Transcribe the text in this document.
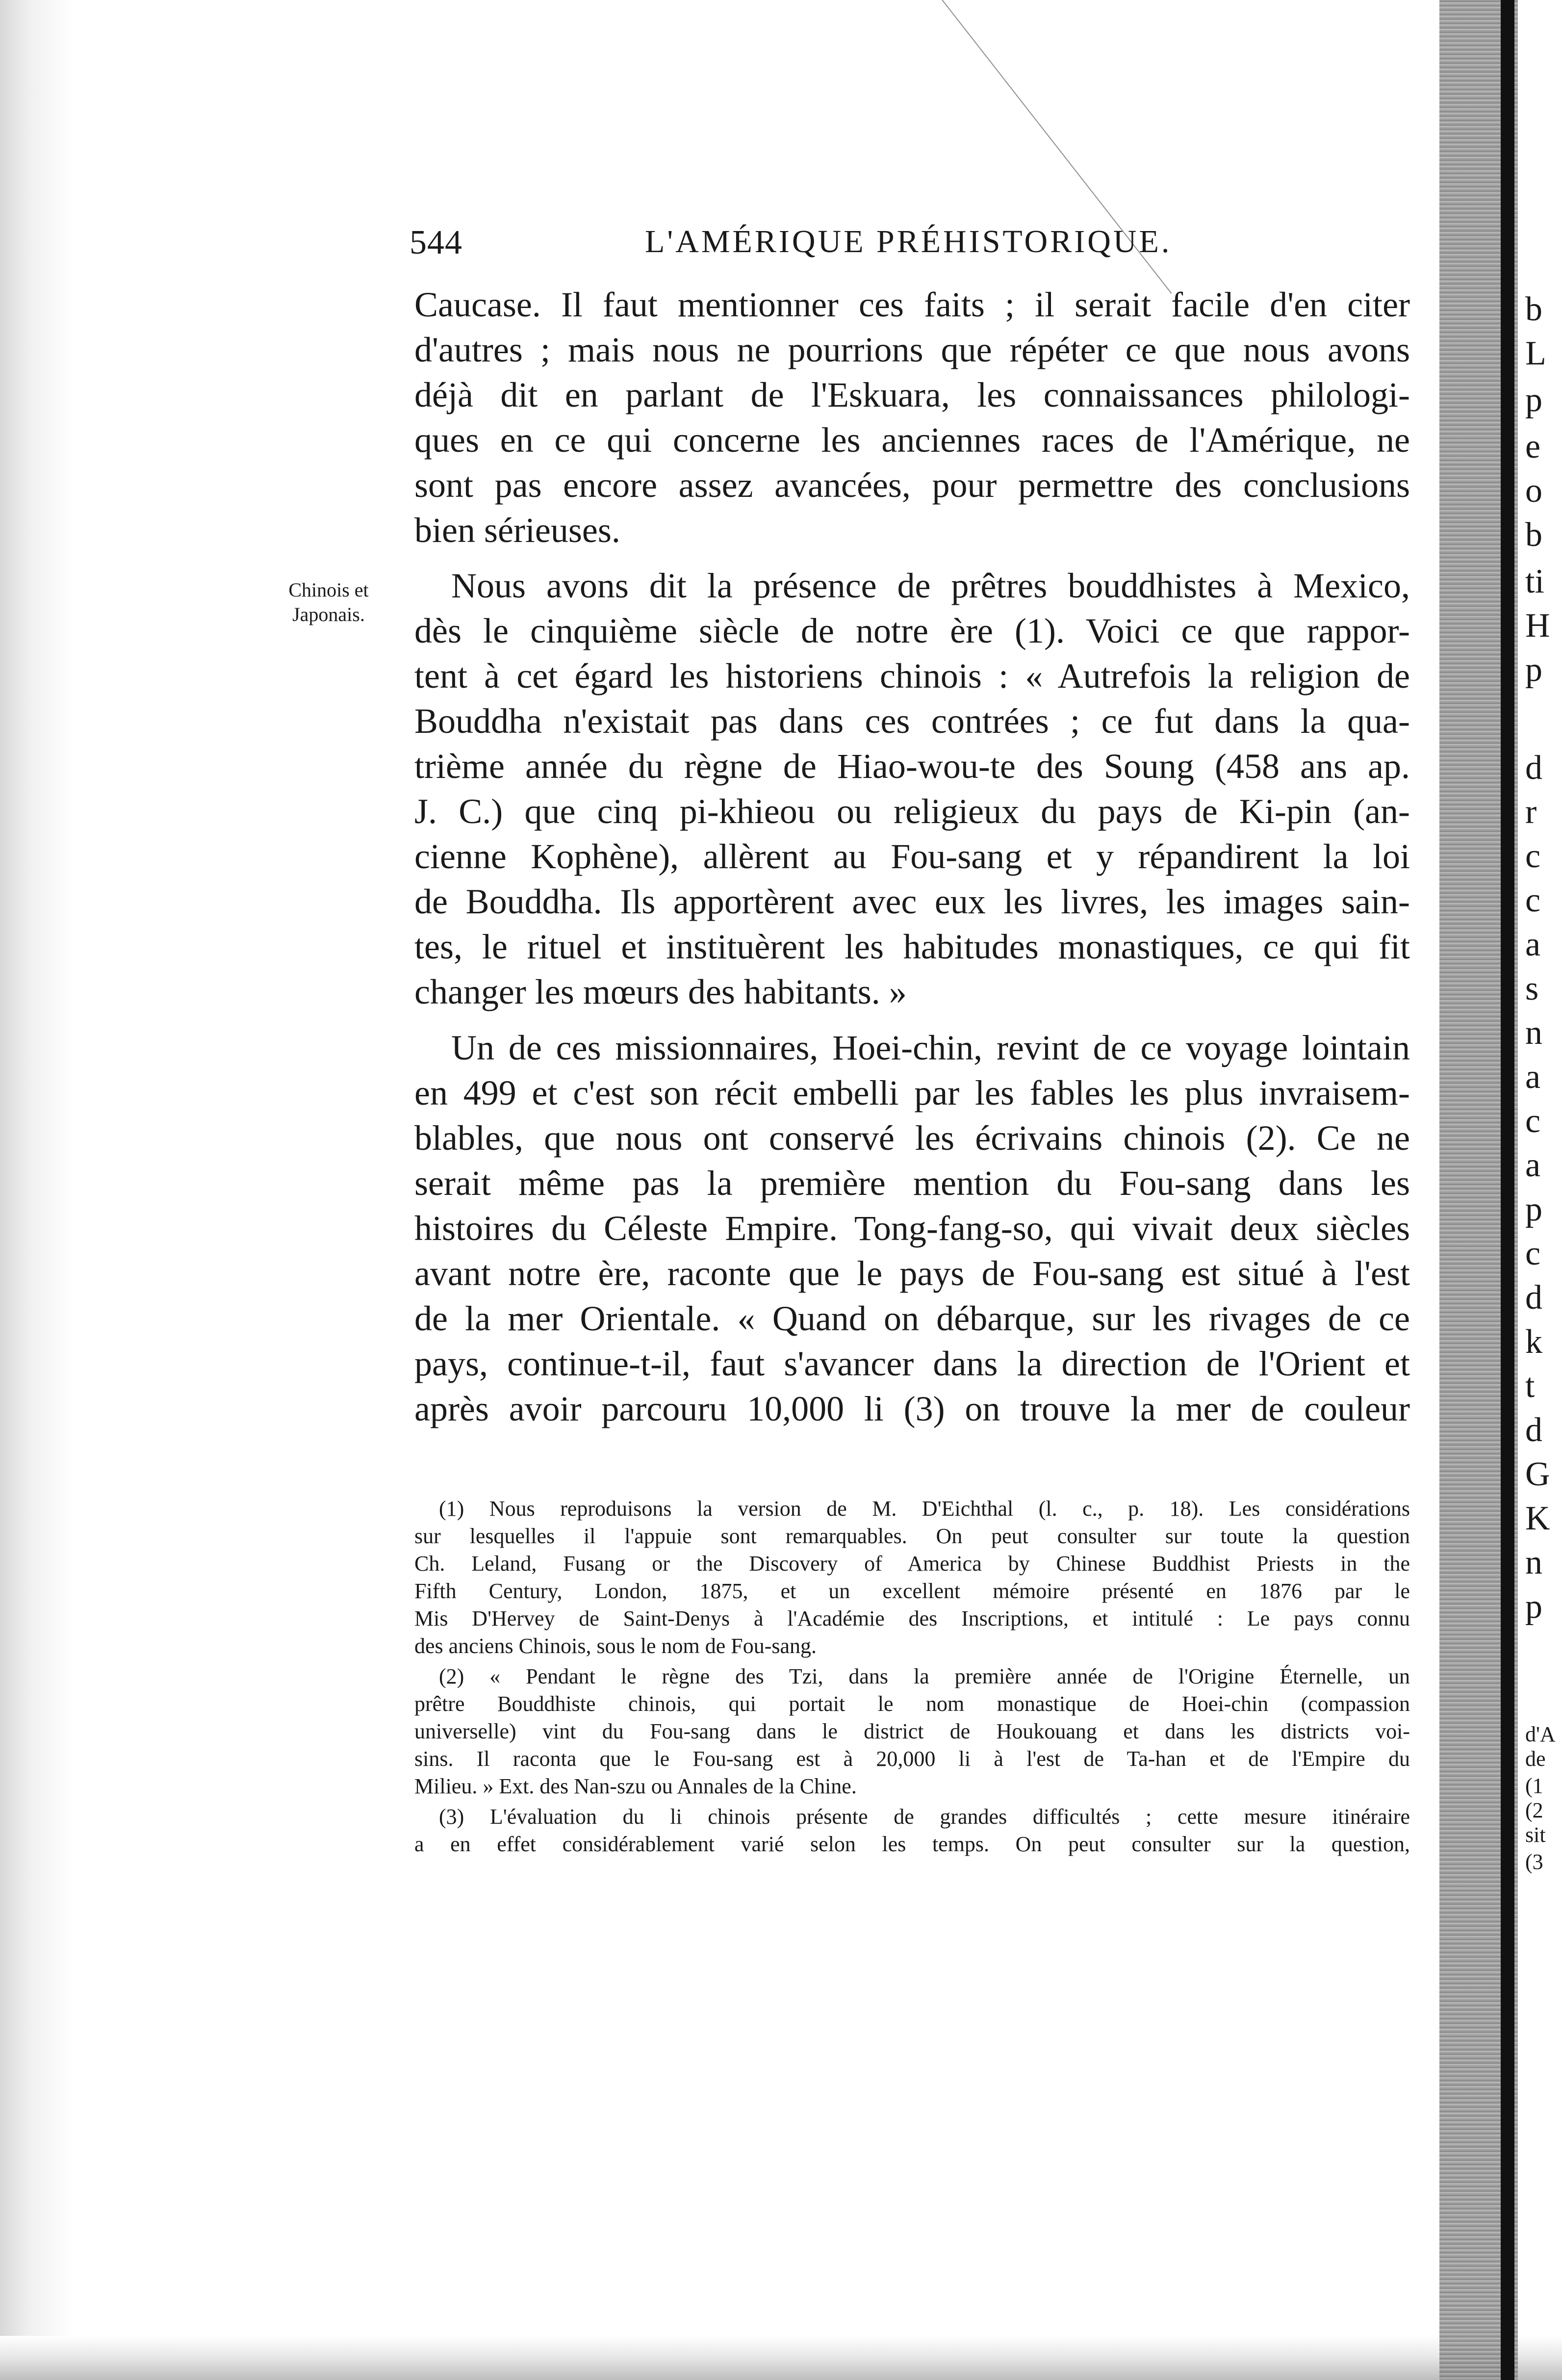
544	L'AMÉRIQUE PRÉHISTORIQUE.

Chinois et Japonais.

Caucase. Il faut mentionner ces faits ; il serait facile d'en citer

d'autres ; mais nous ne pourrions que répéter ce que nous avons

déjà dit en parlant de l'Eskuara, les connaissances philologi-

ques en ce qui concerne les anciennes races de l'Amérique, ne

sont pas encore assez avancées, pour permettre des conclusions

bien sérieuses.

Nous avons dit la présence de prêtres bouddhistes à Mexico,

dès le cinquième siècle de notre ère (1). Voici ce que rappor-

tent à cet égard les historiens chinois : « Autrefois la religion de

Bouddha n'existait pas dans ces contrées ; ce fut dans la qua-

trième année du règne de Hiao-wou-te des Soung (458 ans ap.

J. C.) que cinq pi-khieou ou religieux du pays de Ki-pin (an-

cienne Kophène), allèrent au Fou-sang et y répandirent la loi

de Bouddha. Ils apportèrent avec eux les livres, les images sain-

tes, le rituel et instituèrent les habitudes monastiques, ce qui fit

changer les mœurs des habitants. »

Un de ces missionnaires, Hoei-chin, revint de ce voyage lointain

en 499 et c'est son récit embelli par les fables les plus invraisem-

blables, que nous ont conservé les écrivains chinois (2). Ce ne

serait même pas la première mention du Fou-sang dans les

histoires du Céleste Empire. Tong-fang-so, qui vivait deux siècles

avant notre ère, raconte que le pays de Fou-sang est situé à l'est

de la mer Orientale. « Quand on débarque, sur les rivages de ce

pays, continue-t-il, faut s'avancer dans la direction de l'Orient et

après avoir parcouru 10,000 li (3) on trouve la mer de couleur

(1) Nous reproduisons la version de M. D'Eichthal (l. c., p. 18). Les considérations

sur lesquelles il l'appuie sont remarquables. On peut consulter sur toute la question

Ch. Leland, Fusang or the Discovery of America by Chinese Buddhist Priests in the

Fifth Century, London, 1875, et un excellent mémoire présenté en 1876 par le

Mis D'Hervey de Saint-Denys à l'Académie des Inscriptions, et intitulé : Le pays connu

des anciens Chinois, sous le nom de Fou-sang.

(2) « Pendant le règne des Tzi, dans la première année de l'Origine Éternelle, un

prêtre Bouddhiste chinois, qui portait le nom monastique de Hoei-chin (compassion

universelle) vint du Fou-sang dans le district de Houkouang et dans les districts voi-

sins. Il raconta que le Fou-sang est à 20,000 li à l'est de Ta-han et de l'Empire du

Milieu. » Ext. des Nan-szu ou Annales de la Chine.

(3) L'évaluation du li chinois présente de grandes difficultés ; cette mesure itinéraire

a en effet considérablement varié selon les temps. On peut consulter sur la question,

b

L

p

e

o

b

ti

H

p

d

r

c

c

a

s

n

a

c

a

p

c

d

k

t

d

G

K

n

p

d'A

de

(1

(2

sit

(3
